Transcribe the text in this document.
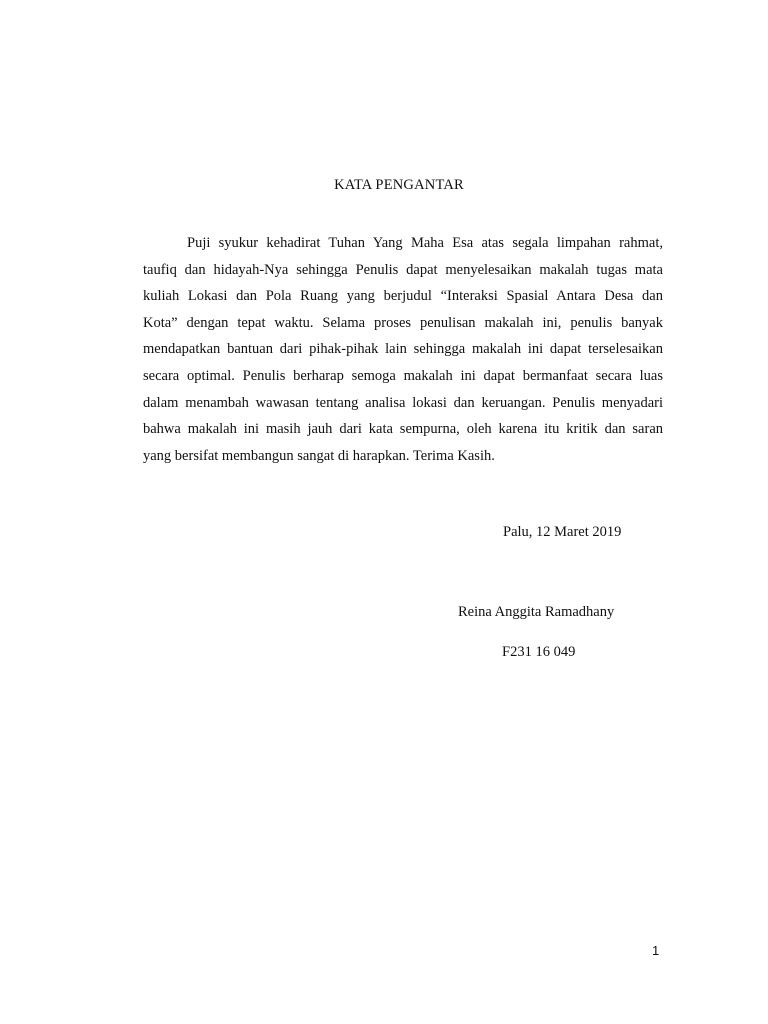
KATA PENGANTAR
Puji syukur kehadirat Tuhan Yang Maha Esa atas segala limpahan rahmat,
taufiq dan hidayah-Nya sehingga Penulis dapat menyelesaikan makalah tugas mata
kuliah Lokasi dan Pola Ruang yang berjudul “Interaksi Spasial Antara Desa dan
Kota” dengan tepat waktu. Selama proses penulisan makalah ini, penulis banyak
mendapatkan bantuan dari pihak-pihak lain sehingga makalah ini dapat terselesaikan
secara optimal. Penulis berharap semoga makalah ini dapat bermanfaat secara luas
dalam menambah wawasan tentang analisa lokasi dan keruangan. Penulis menyadari
bahwa makalah ini masih jauh dari kata sempurna, oleh karena itu kritik dan saran
yang bersifat membangun sangat di harapkan. Terima Kasih.

Palu, 12 Maret 2019

Reina Anggita Ramadhany

F231 16 049

1
